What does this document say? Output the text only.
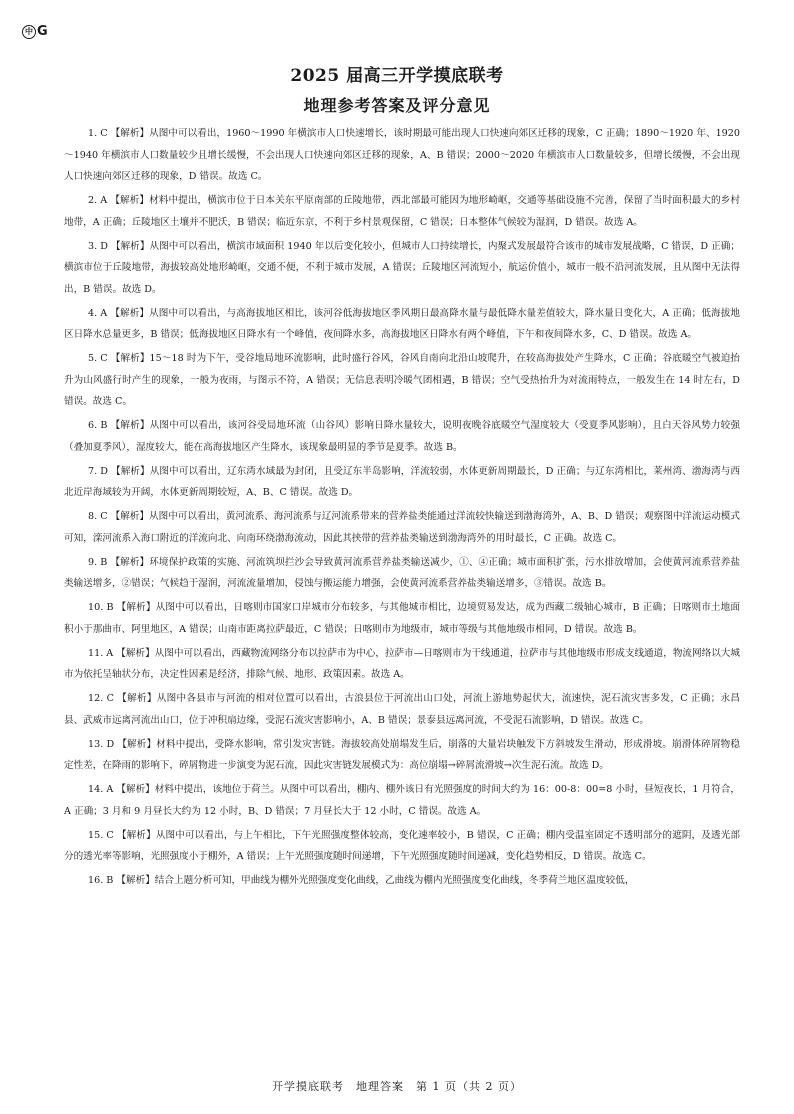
中 G
2025 届高三开学摸底联考
地理参考答案及评分意见

1. C 【解析】从图中可以看出，1960～1990 年横滨市人口快速增长，该时期最可能出现人口快速向郊区迁移的现象，C 正确；1890～1920 年、1920～1940 年横滨市人口数量较少且增长缓慢，不会出现人口快速向郊区迁移的现象，A、B 错误；2000～2020 年横滨市人口数量较多，但增长缓慢，不会出现人口快速向郊区迁移的现象，D 错误。故选 C。

2. A 【解析】材料中提出，横滨市位于日本关东平原南部的丘陵地带，西北部最可能因为地形崎岖，交通等基础设施不完善，保留了当时面积最大的乡村地带，A 正确；丘陵地区土壤并不肥沃，B 错误；临近东京，不利于乡村景观保留，C 错误；日本整体气候较为湿润，D 错误。故选 A。

3. D 【解析】从图中可以看出，横滨市域面积 1940 年以后变化较小，但城市人口持续增长，内聚式发展最符合该市的城市发展战略，C 错误，D 正确；横滨市位于丘陵地带，海拔较高处地形崎岖，交通不便，不利于城市发展，A 错误；丘陵地区河流短小，航运价值小，城市一般不沿河流发展，且从图中无法得出，B 错误。故选 D。

4. A 【解析】从图中可以看出，与高海拔地区相比，该河谷低海拔地区季风期日最高降水量与最低降水量差值较大，降水量日变化大，A 正确；低海拔地区日降水总量更多，B 错误；低海拔地区日降水有一个峰值，夜间降水多，高海拔地区日降水有两个峰值，下午和夜间降水多，C、D 错误。故选 A。

5. C 【解析】15～18 时为下午，受谷地局地环流影响，此时盛行谷风，谷风自南向北沿山坡爬升，在较高海拔处产生降水，C 正确；谷底暖空气被迫抬升为山风盛行时产生的现象，一般为夜雨，与图示不符，A 错误；无信息表明冷暖气团相遇，B 错误；空气受热抬升为对流雨特点，一般发生在 14 时左右，D 错误。故选 C。

6. B 【解析】从图中可以看出，该河谷受局地环流（山谷风）影响日降水量较大，说明夜晚谷底暖空气湿度较大（受夏季风影响），且白天谷风势力较强（叠加夏季风），湿度较大，能在高海拔地区产生降水，该现象最明显的季节是夏季。故选 B。

7. D 【解析】从图中可以看出，辽东湾水域最为封闭，且受辽东半岛影响，洋流较弱，水体更新周期最长，D 正确；与辽东湾相比，莱州湾、渤海湾与西北近岸海域较为开阔，水体更新周期较短，A、B、C 错误。故选 D。

8. C 【解析】从图中可以看出，黄河流系、海河流系与辽河流系带来的营养盐类能通过洋流较快输送到渤海湾外，A、B、D 错误；观察图中洋流运动模式可知，滦河流系入海口附近的洋流向北、向南环绕渤海流动，因此其挟带的营养盐类输送到渤海湾外的用时最长，C 正确。故选 C。

9. B 【解析】环境保护政策的实施、河流筑坝拦沙会导致黄河流系营养盐类输送减少，①、④正确；城市面积扩张，污水排放增加，会使黄河流系营养盐类输送增多，②错误；气候趋于湿润，河流流量增加，侵蚀与搬运能力增强，会使黄河流系营养盐类输送增多，③错误。故选 B。

10. B 【解析】从图中可以看出，日喀则市国家口岸城市分布较多，与其他城市相比，边境贸易发达，成为西藏二级轴心城市，B 正确；日喀则市土地面积小于那曲市、阿里地区，A 错误；山南市距离拉萨最近，C 错误；日喀则市为地级市，城市等级与其他地级市相同，D 错误。故选 B。

11. A 【解析】从图中可以看出，西藏物流网络分布以拉萨市为中心，拉萨市—日喀则市为干线通道，拉萨市与其他地级市形成支线通道，物流网络以大城市为依托呈轴状分布，决定性因素是经济，排除气候、地形、政策因素。故选 A。

12. C 【解析】从图中各县市与河流的相对位置可以看出，古浪县位于河流出山口处，河流上游地势起伏大，流速快，泥石流灾害多发，C 正确；永昌县、武威市远离河流出山口，位于冲积扇边缘，受泥石流灾害影响小，A、B 错误；景泰县远离河流，不受泥石流影响，D 错误。故选 C。

13. D 【解析】材料中提出，受降水影响，常引发灾害链。海拔较高处崩塌发生后，崩落的大量岩块触发下方斜坡发生滑动，形成滑坡。崩滑体碎屑物稳定性差，在降雨的影响下，碎屑物进一步演变为泥石流，因此灾害链发展模式为：高位崩塌→碎屑流滑坡→次生泥石流。故选 D。

14. A 【解析】材料中提出，该地位于荷兰。从图中可以看出，棚内、棚外该日有光照强度的时间大约为 16：00-8：00=8 小时，昼短夜长，1 月符合，A 正确；3 月和 9 月昼长大约为 12 小时，B、D 错误；7 月昼长大于 12 小时，C 错误。故选 A。

15. C 【解析】从图中可以看出，与上午相比，下午光照强度整体较高，变化速率较小，B 错误，C 正确；棚内受温室固定不透明部分的遮阴，及透光部分的透光率等影响，光照强度小于棚外，A 错误；上午光照强度随时间递增，下午光照强度随时间递减，变化趋势相反，D 错误。故选 C。

16. B 【解析】结合上题分析可知，甲曲线为棚外光照强度变化曲线，乙曲线为棚内光照强度变化曲线，冬季荷兰地区温度较低，

开学摸底联考　地理答案　第 1 页（共 2 页）
